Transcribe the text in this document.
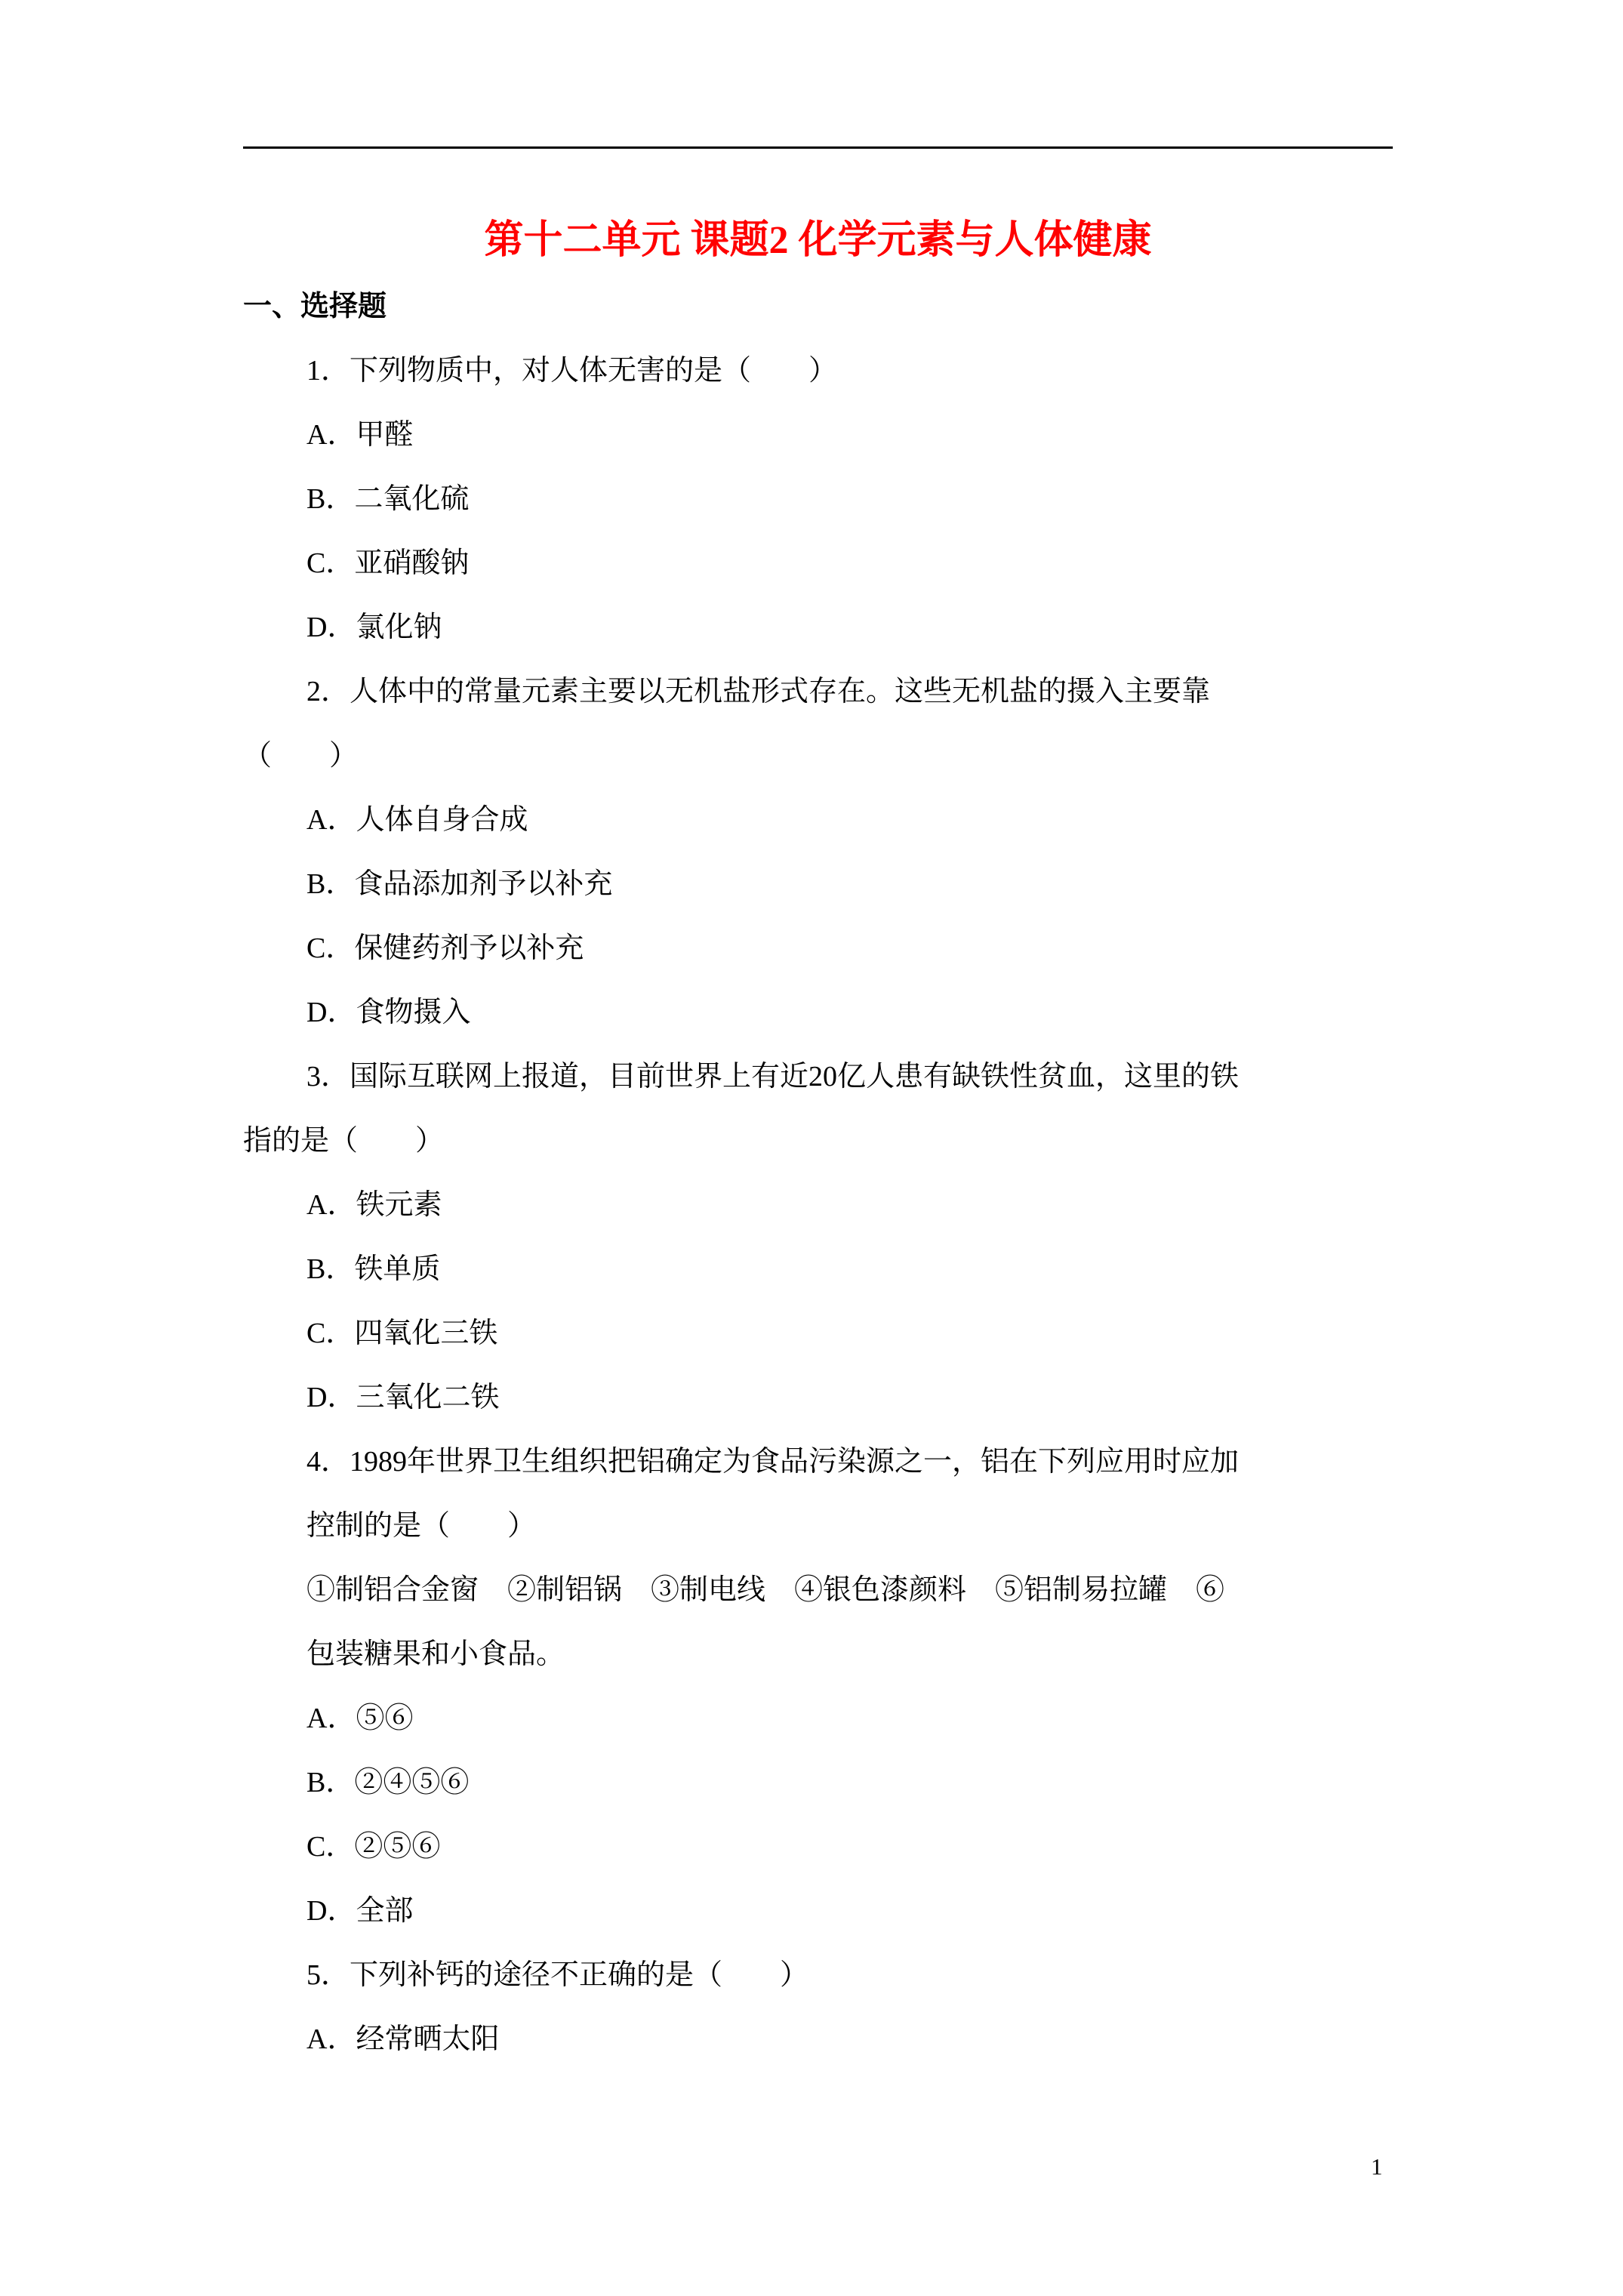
第十二单元 课题2 化学元素与人体健康
一、选择题
1．下列物质中，对人体无害的是（　　）
A．甲醛
B．二氧化硫
C．亚硝酸钠
D．氯化钠
2．人体中的常量元素主要以无机盐形式存在。这些无机盐的摄入主要靠
（　　）
A．人体自身合成
B．食品添加剂予以补充
C．保健药剂予以补充
D．食物摄入
3．国际互联网上报道，目前世界上有近20亿人患有缺铁性贫血，这里的铁
指的是（　　）
A．铁元素
B．铁单质
C．四氧化三铁
D．三氧化二铁
4．1989年世界卫生组织把铝确定为食品污染源之一，铝在下列应用时应加
控制的是（　　）
①制铝合金窗　②制铝锅　③制电线　④银色漆颜料　⑤铝制易拉罐　⑥
包装糖果和小食品。
A．⑤⑥
B．②④⑤⑥
C．②⑤⑥
D．全部
5．下列补钙的途径不正确的是（　　）
A．经常晒太阳
1
